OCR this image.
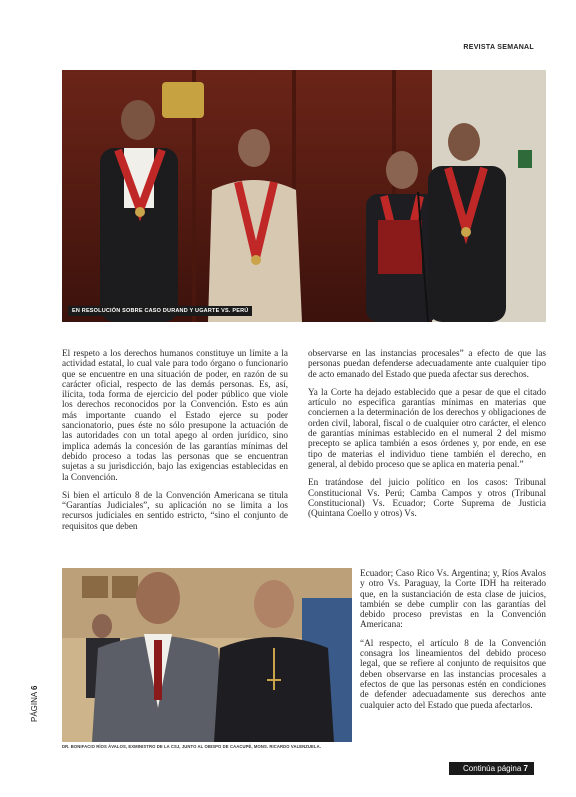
REVISTA SEMANAL
EN RESOLUCIÓN SOBRE CASO DURAND Y UGARTE VS. PERÚ

El respeto a los derechos humanos constituye un límite a la actividad estatal, lo cual vale para todo órgano o funcionario que se encuentre en una situación de poder, en razón de su carácter oficial, respecto de las demás personas. Es, así, ilícita, toda forma de ejercicio del poder público que viole los derechos reconocidos por la Convención. Esto es aún más importante cuando el Estado ejerce su poder sancionatorio, pues éste no sólo presupone la actuación de las autoridades con un total apego al orden jurídico, sino implica además la concesión de las garantías mínimas del debido proceso a todas las personas que se encuentran sujetas a su jurisdicción, bajo las exigencias establecidas en la Convención.

Si bien el artículo 8 de la Convención Americana se titula “Garantías Judiciales”, su aplicación no se limita a los recursos judiciales en sentido estricto, “sino el conjunto de requisitos que deben

observarse en las instancias procesales” a efecto de que las personas puedan defenderse adecuadamente ante cualquier tipo de acto emanado del Estado que pueda afectar sus derechos.

Ya la Corte ha dejado establecido que a pesar de que el citado artículo no especifica garantías mínimas en materias que conciernen a la determinación de los derechos y obligaciones de orden civil, laboral, fiscal o de cualquier otro carácter, el elenco de garantías mínimas establecido en el numeral 2 del mismo precepto se aplica también a esos órdenes y, por ende, en ese tipo de materias el individuo tiene también el derecho, en general, al debido proceso que se aplica en materia penal.”

En tratándose del juicio político en los casos: Tribunal Constitucional Vs. Perú; Camba Campos y otros (Tribunal Constitucional) Vs. Ecuador; Corte Suprema de Justicia (Quintana Coello y otros) Vs.

Ecuador; Caso Rico Vs. Argentina; y, Ríos Avalos y otro Vs. Paraguay, la Corte IDH ha reiterado que, en la sustanciación de esta clase de juicios, también se debe cumplir con las garantías del debido proceso previstas en la Convención Americana:

“Al respecto, el artículo 8 de la Convención consagra los lineamientos del debido proceso legal, que se refiere al conjunto de requisitos que deben observarse en las instancias procesales a efectos de que las personas estén en condiciones de defender adecuadamente sus derechos ante cualquier acto del Estado que pueda afectarlos.

DR. BONIFACIO RÍOS ÁVALOS, EXMINISTRO DE LA CSJ, JUNTO AL OBISPO DE CAACUPÉ, MONS. RICARDO VALENZUELA.
PÁGINA 6
Continúa página 7
